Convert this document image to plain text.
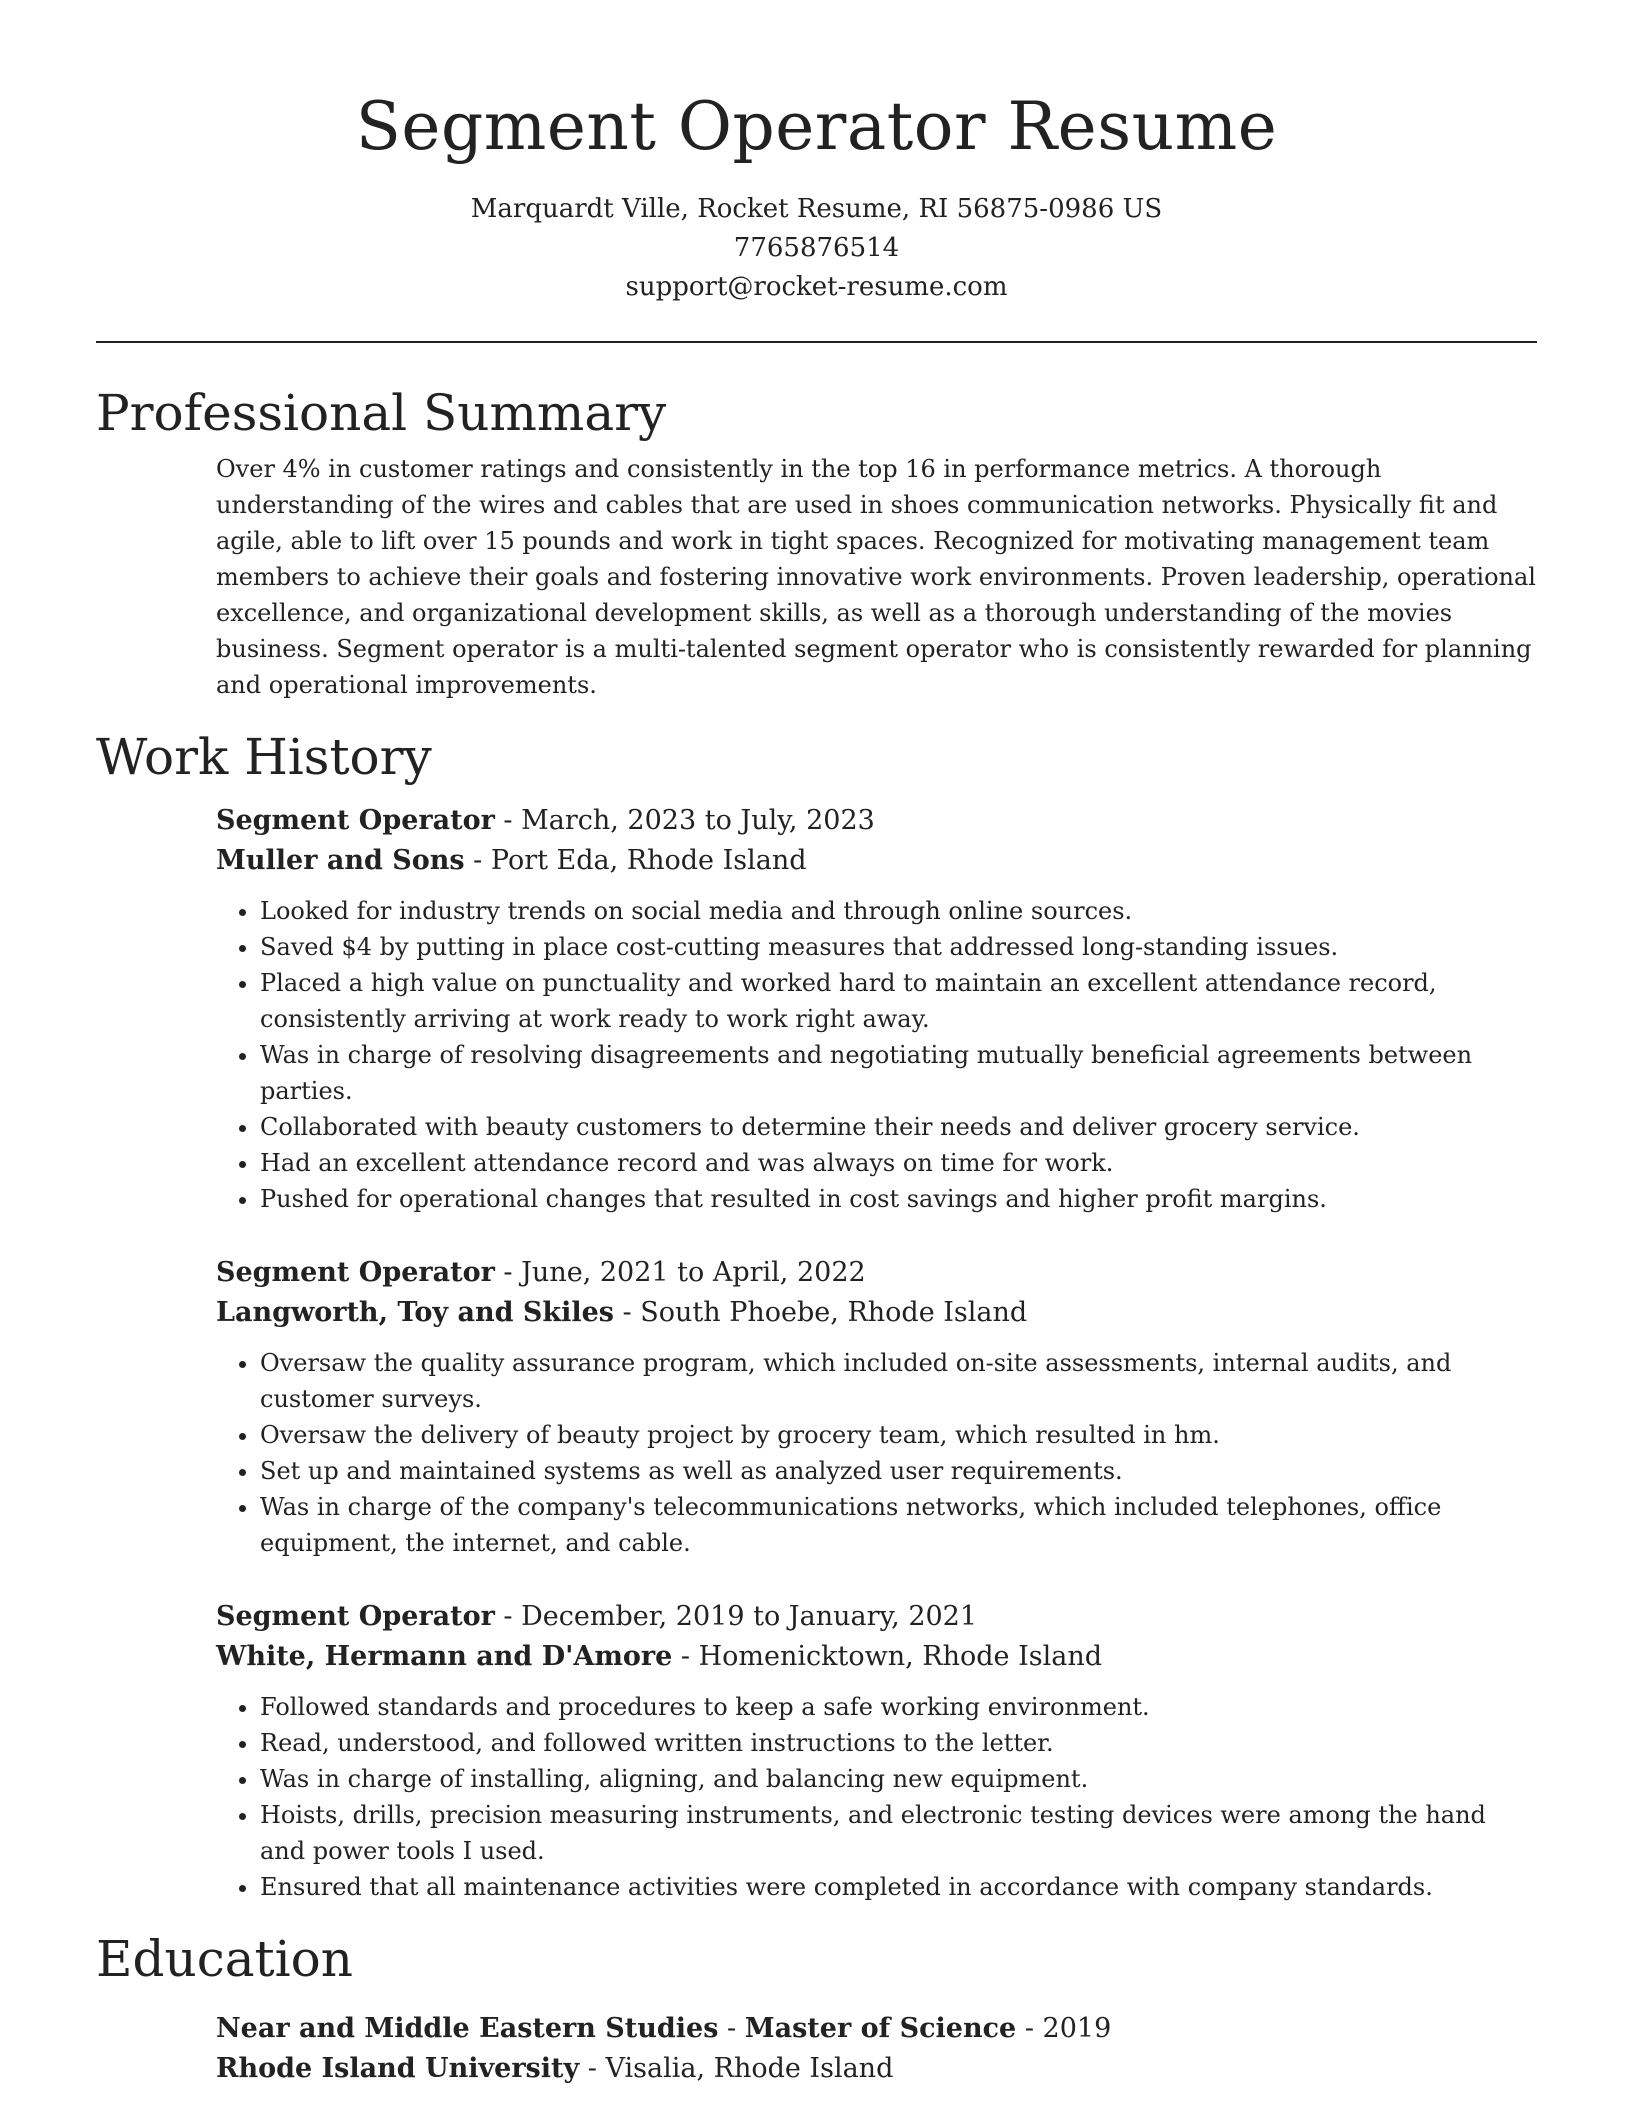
Segment Operator Resume
Marquardt Ville, Rocket Resume, RI 56875-0986 US
7765876514
support@rocket-resume.com
Professional Summary

Over 4% in customer ratings and consistently in the top 16 in performance metrics. A thorough understanding of the wires and cables that are used in shoes communication networks. Physically fit and agile, able to lift over 15 pounds and work in tight spaces. Recognized for motivating management team members to achieve their goals and fostering innovative work environments. Proven leadership, operational excellence, and organizational development skills, as well as a thorough understanding of the movies business. Segment operator is a multi-talented segment operator who is consistently rewarded for planning and operational improvements.

Work History
Segment Operator - March, 2023 to July, 2023
Muller and Sons - Port Eda, Rhode Island
• Looked for industry trends on social media and through online sources.
• Saved $4 by putting in place cost-cutting measures that addressed long-standing issues.
• Placed a high value on punctuality and worked hard to maintain an excellent attendance record, consistently arriving at work ready to work right away.
• Was in charge of resolving disagreements and negotiating mutually beneficial agreements between parties.
• Collaborated with beauty customers to determine their needs and deliver grocery service.
• Had an excellent attendance record and was always on time for work.
• Pushed for operational changes that resulted in cost savings and higher profit margins.
Segment Operator - June, 2021 to April, 2022
Langworth, Toy and Skiles - South Phoebe, Rhode Island
• Oversaw the quality assurance program, which included on-site assessments, internal audits, and customer surveys.
• Oversaw the delivery of beauty project by grocery team, which resulted in hm.
• Set up and maintained systems as well as analyzed user requirements.
• Was in charge of the company's telecommunications networks, which included telephones, office equipment, the internet, and cable.
Segment Operator - December, 2019 to January, 2021
White, Hermann and D'Amore - Homenicktown, Rhode Island
• Followed standards and procedures to keep a safe working environment.
• Read, understood, and followed written instructions to the letter.
• Was in charge of installing, aligning, and balancing new equipment.
• Hoists, drills, precision measuring instruments, and electronic testing devices were among the hand and power tools I used.
• Ensured that all maintenance activities were completed in accordance with company standards.
Education
Near and Middle Eastern Studies - Master of Science - 2019
Rhode Island University - Visalia, Rhode Island
